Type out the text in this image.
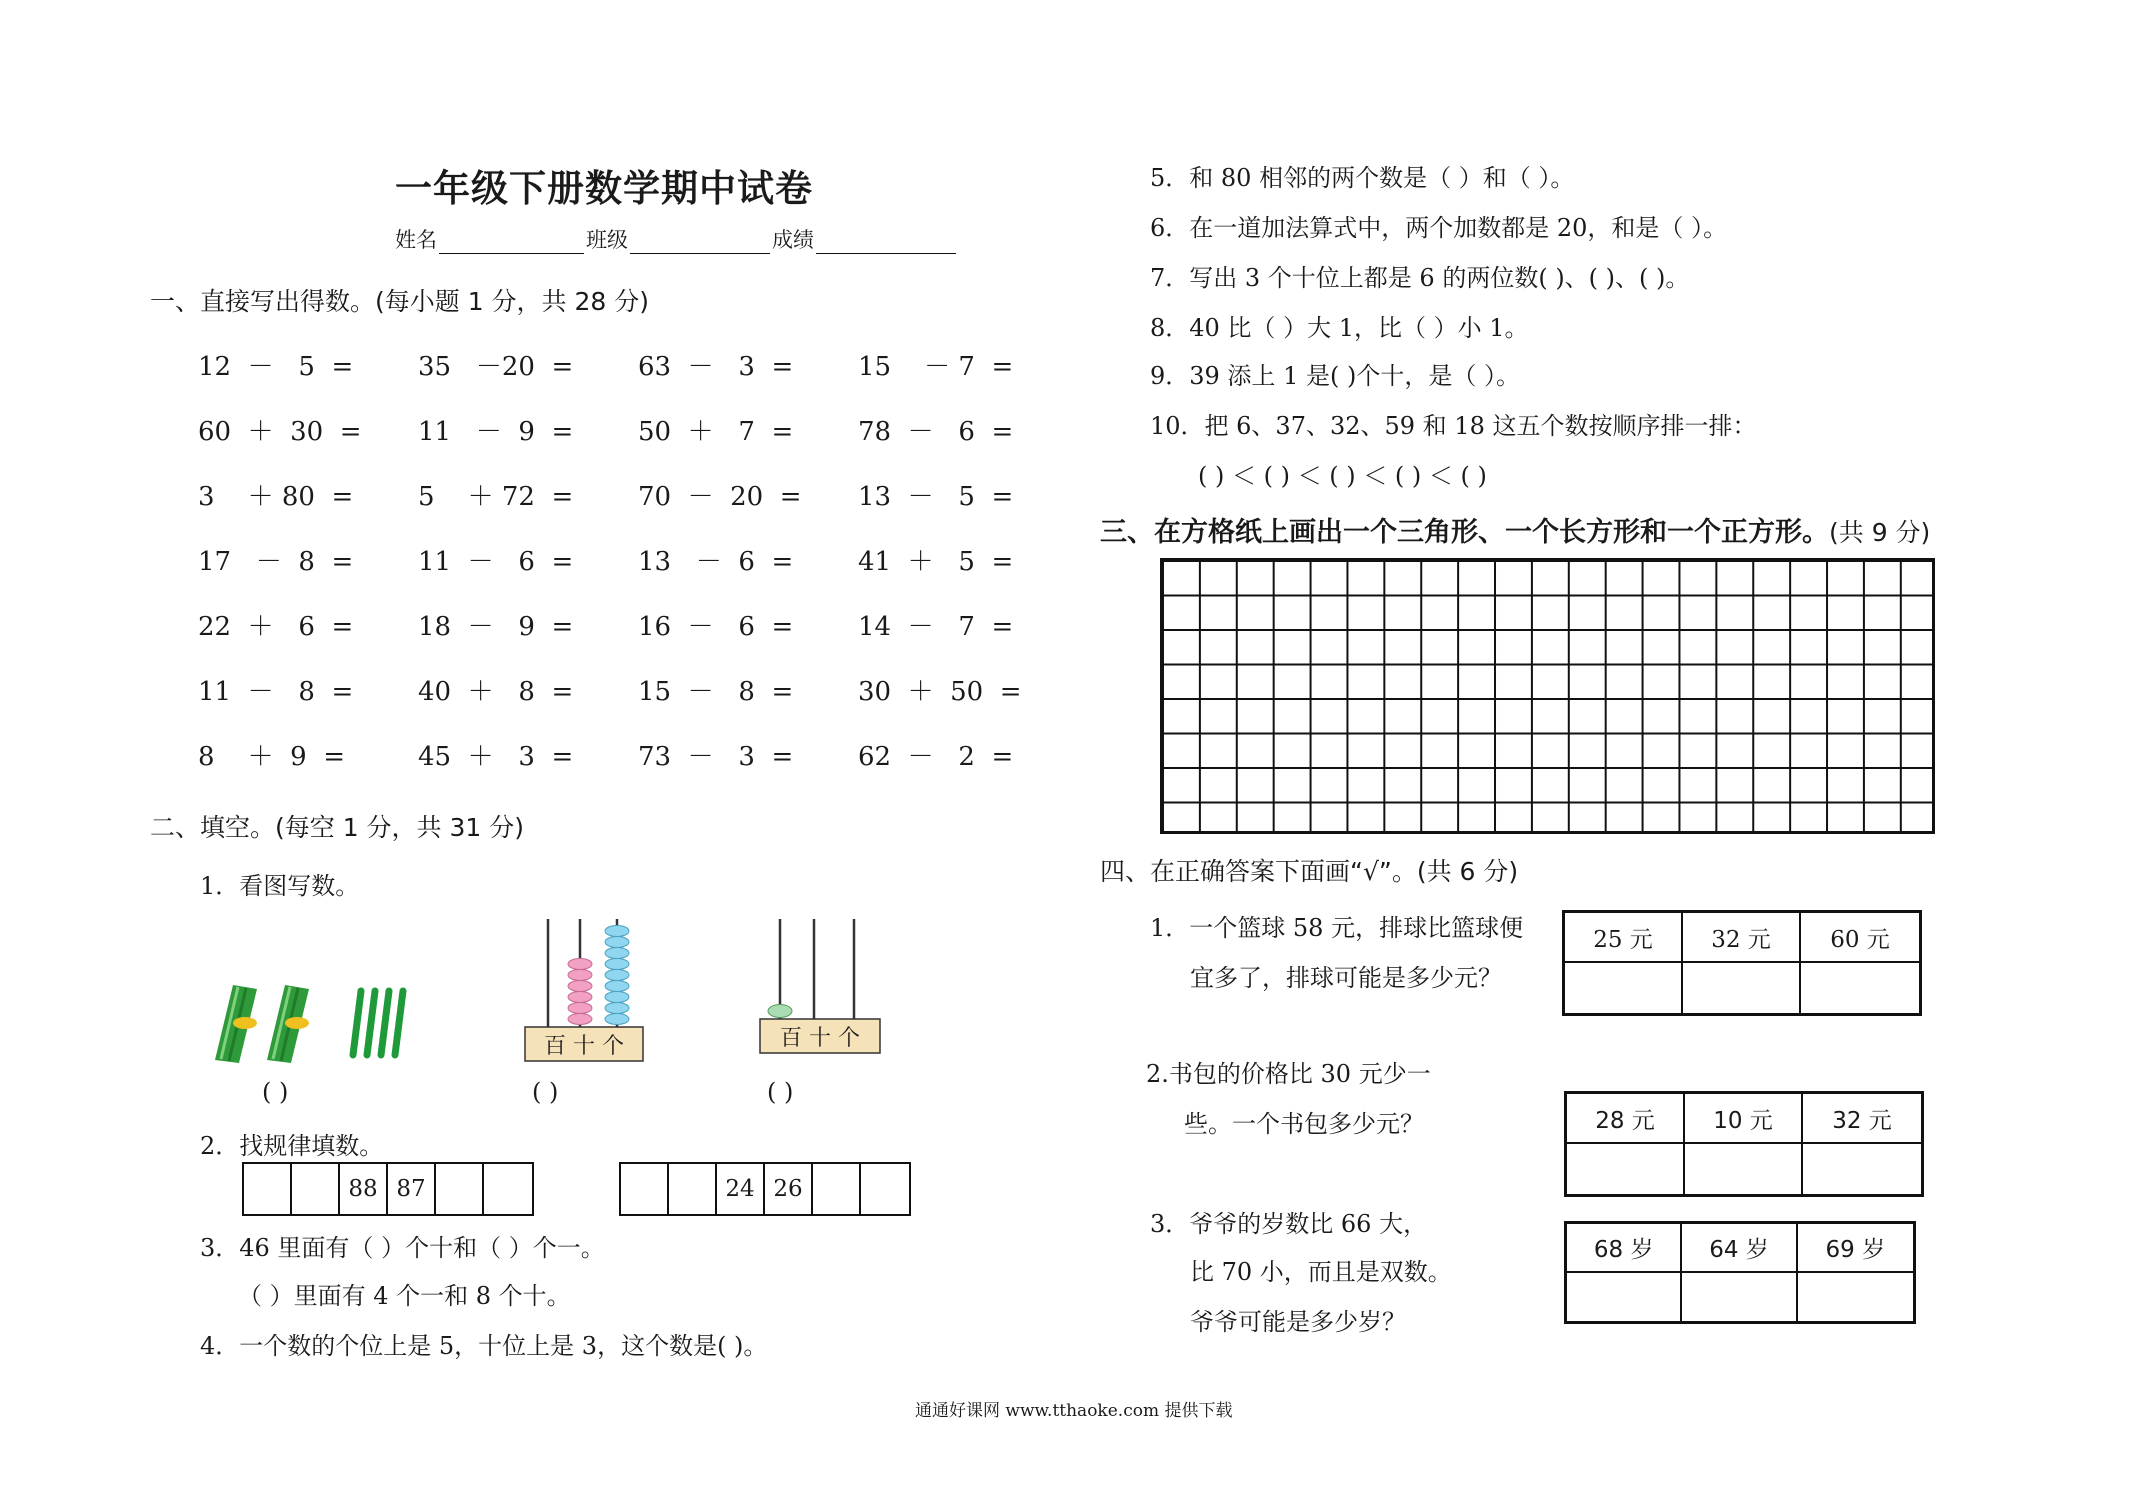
一年级下册数学期中试卷
姓名	班级	成绩
一、直接写出得数。(每小题 1 分，共 28 分)
12  －   5  = 35   －20  = 63  －   3  = 15    － 7  =
60  ＋  30  = 11   －  9  = 50  ＋   7  = 78  －   6  =
3    ＋ 80  = 5    ＋ 72  = 70  －  20  = 13  －   5  =
17   －  8  = 11  －   6  = 13   －  6  = 41  ＋   5  =
22  ＋   6  = 18  －   9  = 16  －   6  = 14  －   7  =
11  －   8  = 40  ＋   8  = 15  －   8  = 30  ＋  50  =
8    ＋  9  =	45  ＋   3  = 73  －   3  = 62  －   2  =
二、填空。(每空 1 分，共 31 分)
1．看图写数。
百 十 个	百 十 个
( )	( )	( )
2．找规律填数。
88 87	24 26
3．46 里面有（ ）个十和（ ）个一。
（ ）里面有 4 个一和 8 个十。
4．一个数的个位上是 5，十位上是 3，这个数是( )。
5．和 80 相邻的两个数是（ ）和（ ）。
6．在一道加法算式中，两个加数都是 20，和是（ ）。
7．写出 3 个十位上都是 6 的两位数( )、( )、( )。
8．40 比（ ）大 1，比（ ）小 1。
9．39 添上 1 是( )个十，是（ ）。
10．把 6、37、32、59 和 18 这五个数按顺序排一排：
( ) ＜ ( ) ＜ ( ) ＜ ( ) ＜ ( )
三、在方格纸上画出一个三角形、一个长方形和一个正方形。(共 9 分)
四、在正确答案下面画“√”。(共 6 分)
1．一个篮球 58 元，排球比篮球便
宜多了，排球可能是多少元？
25 元	32 元	60 元
2.书包的价格比 30 元少一
些。一个书包多少元？	28 元	10 元	32 元
3．爷爷的岁数比 66 大，
比 70 小，而且是双数。
爷爷可能是多少岁？
68 岁	64 岁	69 岁
通通好课网 www.tthaoke.com 提供下载
